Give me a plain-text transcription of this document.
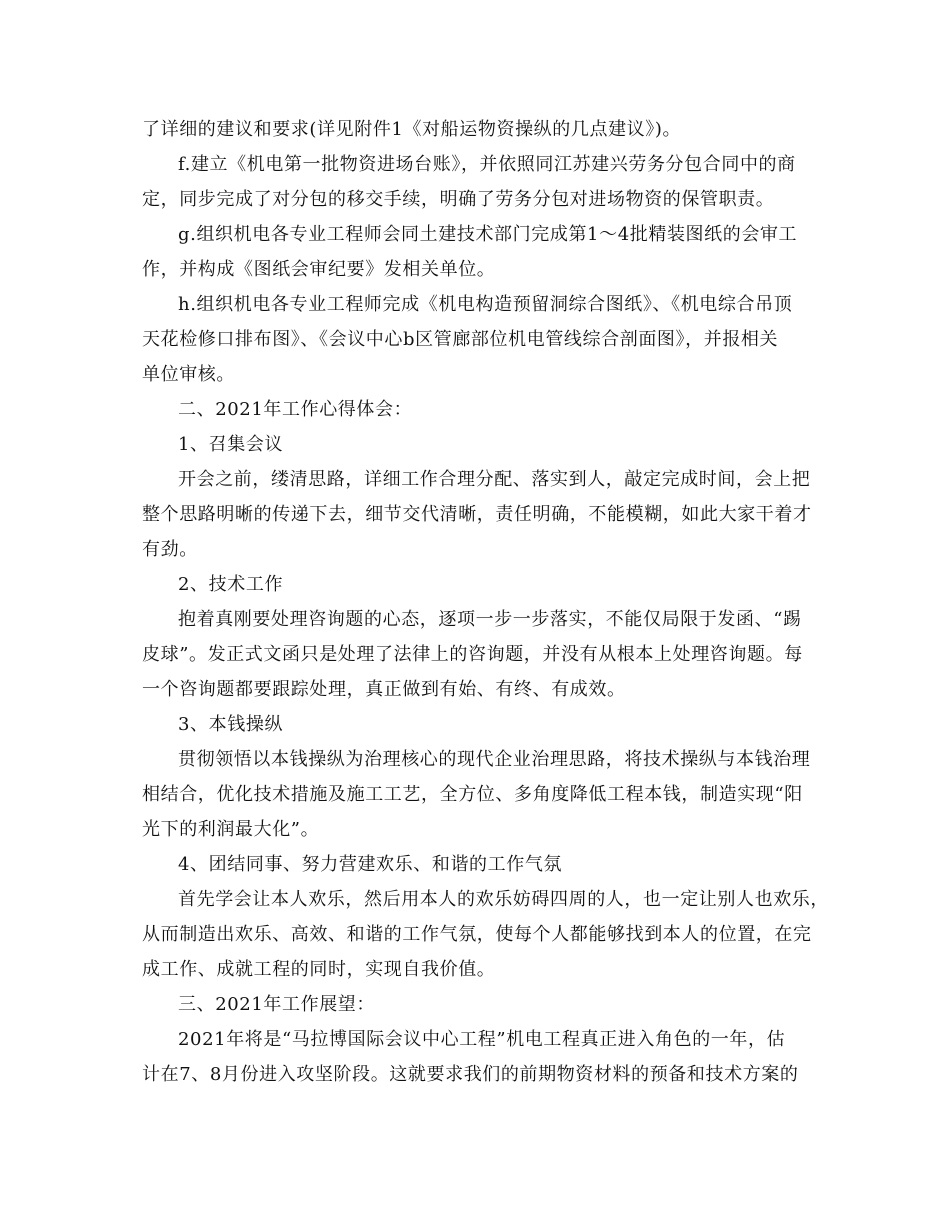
了详细的建议和要求(详见附件1《对船运物资操纵的几点建议》)。
f.建立《机电第一批物资进场台账》，并依照同江苏建兴劳务分包合同中的商
定，同步完成了对分包的移交手续，明确了劳务分包对进场物资的保管职责。
g.组织机电各专业工程师会同土建技术部门完成第1～4批精装图纸的会审工
作，并构成《图纸会审纪要》发相关单位。
h.组织机电各专业工程师完成《机电构造预留洞综合图纸》、《机电综合吊顶
天花检修口排布图》、《会议中心b区管廊部位机电管线综合剖面图》，并报相关
单位审核。
二、2021年工作心得体会：
1、召集会议
开会之前，缕清思路，详细工作合理分配、落实到人，敲定完成时间，会上把
整个思路明晰的传递下去，细节交代清晰，责任明确，不能模糊，如此大家干着才
有劲。
2、技术工作
抱着真刚要处理咨询题的心态，逐项一步一步落实，不能仅局限于发函、“踢
皮球”。发正式文函只是处理了法律上的咨询题，并没有从根本上处理咨询题。每
一个咨询题都要跟踪处理，真正做到有始、有终、有成效。
3、本钱操纵
贯彻领悟以本钱操纵为治理核心的现代企业治理思路，将技术操纵与本钱治理
相结合，优化技术措施及施工工艺，全方位、多角度降低工程本钱，制造实现“阳
光下的利润最大化”。
4、团结同事、努力营建欢乐、和谐的工作气氛
首先学会让本人欢乐，然后用本人的欢乐妨碍四周的人，也一定让别人也欢乐，
从而制造出欢乐、高效、和谐的工作气氛，使每个人都能够找到本人的位置，在完
成工作、成就工程的同时，实现自我价值。
三、2021年工作展望：
2021年将是“马拉博国际会议中心工程”机电工程真正进入角色的一年，估
计在7、8月份进入攻坚阶段。这就要求我们的前期物资材料的预备和技术方案的
